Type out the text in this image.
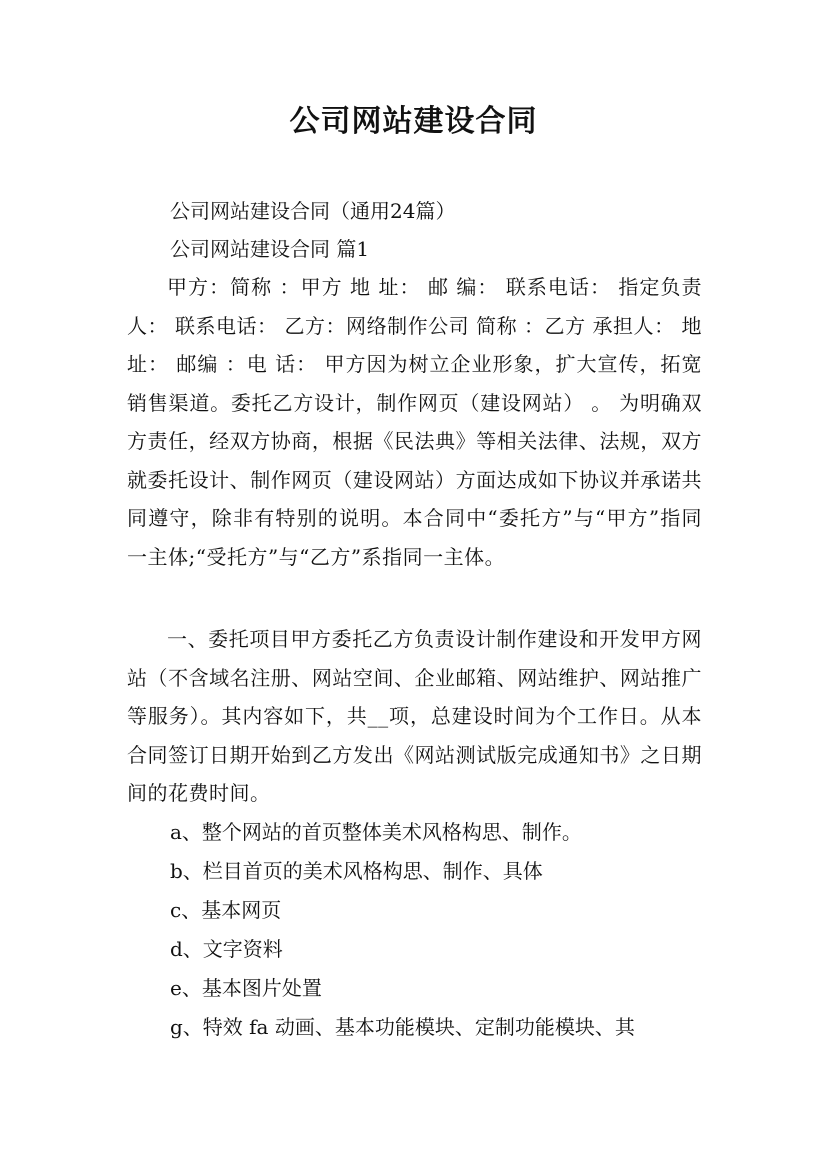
公司网站建设合同
公司网站建设合同（通用24篇）
公司网站建设合同 篇1
甲方：简称 ：甲方 地 址： 邮 编： 联系电话： 指定负责人： 联系电话： 乙方：网络制作公司 简称 ：乙方 承担人： 地 址： 邮编 ：电 话： 甲方因为树立企业形象，扩大宣传，拓宽销售渠道。委托乙方设计，制作网页（建设网站） 。 为明确双方责任，经双方协商，根据《民法典》等相关法律、法规，双方就委托设计、制作网页（建设网站）方面达成如下协议并承诺共同遵守，除非有特别的说明。本合同中“委托方”与“甲方”指同一主体;“受托方”与“乙方”系指同一主体。
一、委托项目甲方委托乙方负责设计制作建设和开发甲方网站（不含域名注册、网站空间、企业邮箱、网站维护、网站推广等服务）。其内容如下，共__项，总建设时间为个工作日。从本合同签订日期开始到乙方发出《网站测试版完成通知书》之日期间的花费时间。
a、整个网站的首页整体美术风格构思、制作。
b、栏目首页的美术风格构思、制作、具体
c、基本网页
d、文字资料
e、基本图片处置
g、特效 fa 动画、基本功能模块、定制功能模块、其
